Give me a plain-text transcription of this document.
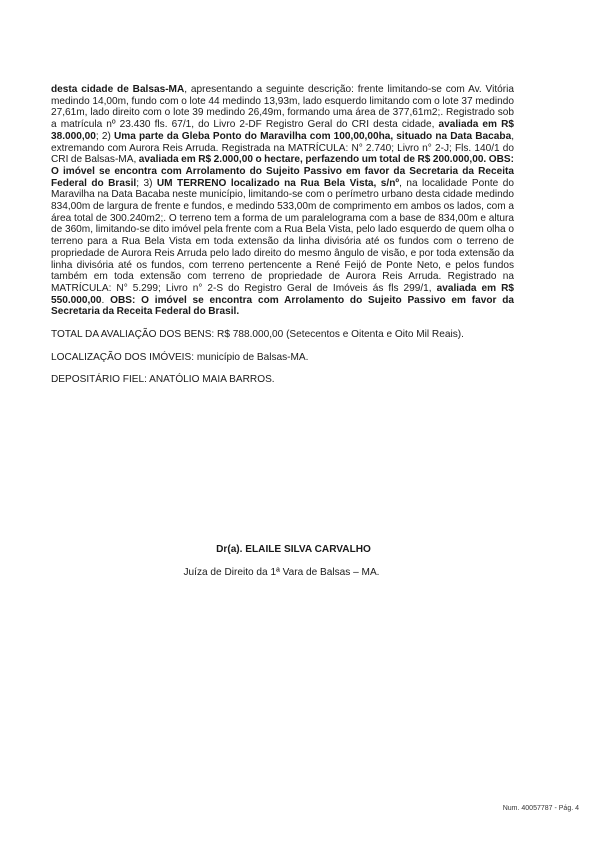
desta cidade de Balsas-MA, apresentando a seguinte descrição: frente limitando-se com Av. Vitória medindo 14,00m, fundo com o lote 44 medindo 13,93m, lado esquerdo limitando com o lote 37 medindo 27,61m, lado direito com o lote 39 medindo 26,49m, formando uma área de 377,61m2;. Registrado sob a matrícula nº 23.430 fls. 67/1, do Livro 2-DF Registro Geral do CRI desta cidade, avaliada em R$ 38.000,00; 2) Uma parte da Gleba Ponto do Maravilha com 100,00,00ha, situado na Data Bacaba, extremando com Aurora Reis Arruda. Registrada na MATRÍCULA: N° 2.740; Livro n° 2-J; Fls. 140/1 do CRI de Balsas-MA, avaliada em R$ 2.000,00 o hectare, perfazendo um total de R$ 200.000,00. OBS: O imóvel se encontra com Arrolamento do Sujeito Passivo em favor da Secretaria da Receita Federal do Brasil; 3) UM TERRENO localizado na Rua Bela Vista, s/nº, na localidade Ponte do Maravilha na Data Bacaba neste município, limitando-se com o perímetro urbano desta cidade medindo 834,00m de largura de frente e fundos, e medindo 533,00m de comprimento em ambos os lados, com a área total de 300.240m2;. O terreno tem a forma de um paralelograma com a base de 834,00m e altura de 360m, limitando-se dito imóvel pela frente com a Rua Bela Vista, pelo lado esquerdo de quem olha o terreno para a Rua Bela Vista em toda extensão da linha divisória até os fundos com o terreno de propriedade de Aurora Reis Arruda pelo lado direito do mesmo ângulo de visão, e por toda extensão da linha divisória até os fundos, com terreno pertencente a René Feijó de Ponte Neto, e pelos fundos também em toda extensão com terreno de propriedade de Aurora Reis Arruda. Registrado na MATRÍCULA: N° 5.299; Livro n° 2-S do Registro Geral de Imóveis ás fls 299/1, avaliada em R$ 550.000,00. OBS: O imóvel se encontra com Arrolamento do Sujeito Passivo em favor da Secretaria da Receita Federal do Brasil.

TOTAL DA AVALIAÇÃO DOS BENS: R$ 788.000,00 (Setecentos e Oitenta e Oito Mil Reais).

LOCALIZAÇÃO DOS IMÓVEIS: município de Balsas-MA.

DEPOSITÁRIO FIEL: ANATÓLIO MAIA BARROS.

Dr(a). ELAILE SILVA CARVALHO
Juíza de Direito da 1ª Vara de Balsas – MA.
Num. 40057787 - Pág. 4
